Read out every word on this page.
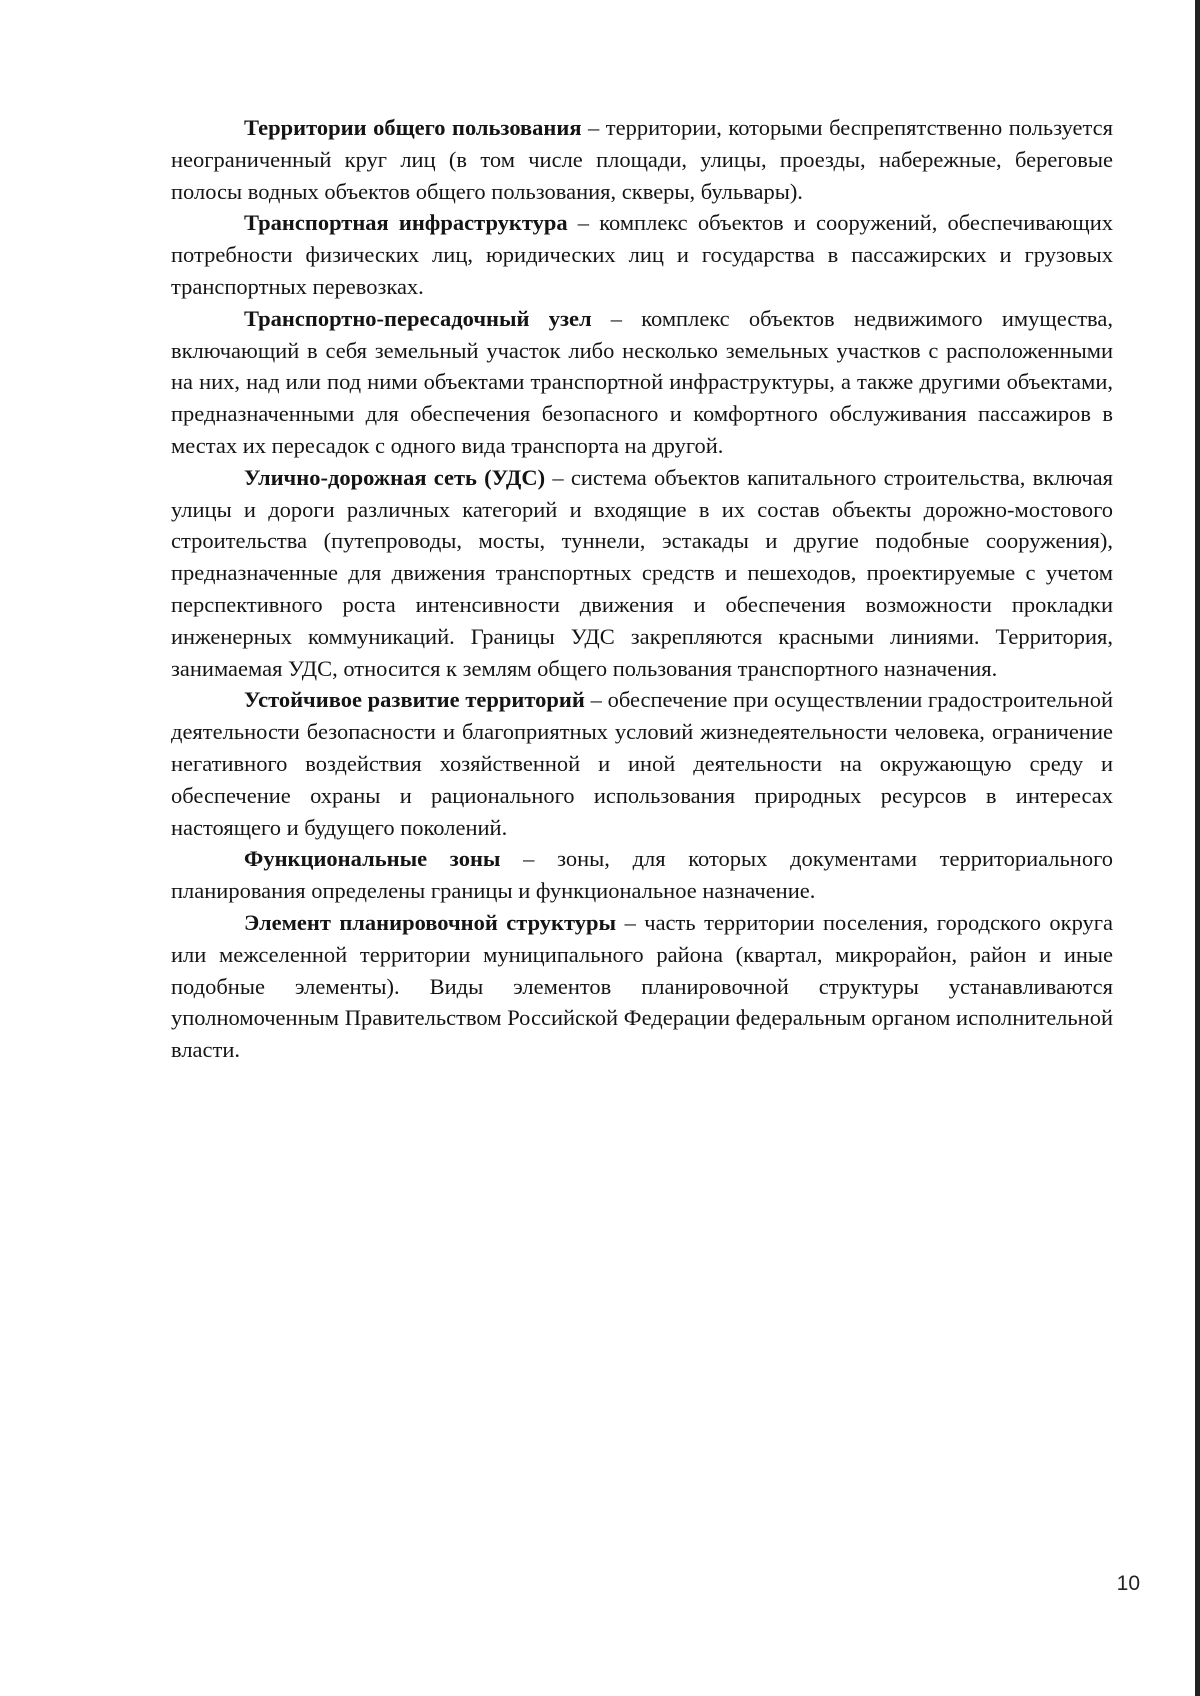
Территории общего пользования – территории, которыми беспрепятственно пользуется неограниченный круг лиц (в том числе площади, улицы, проезды, набережные, береговые полосы водных объектов общего пользования, скверы, бульвары).

Транспортная инфраструктура – комплекс объектов и сооружений, обеспечивающих потребности физических лиц, юридических лиц и государства в пассажирских и грузовых транспортных перевозках.

Транспортно-пересадочный узел – комплекс объектов недвижимого имущества, включающий в себя земельный участок либо несколько земельных участков с расположенными на них, над или под ними объектами транспортной инфраструктуры, а также другими объектами, предназначенными для обеспечения безопасного и комфортного обслуживания пассажиров в местах их пересадок с одного вида транспорта на другой.

Улично-дорожная сеть (УДС) – система объектов капитального строительства, включая улицы и дороги различных категорий и входящие в их состав объекты дорожно-мостового строительства (путепроводы, мосты, туннели, эстакады и другие подобные сооружения), предназначенные для движения транспортных средств и пешеходов, проектируемые с учетом перспективного роста интенсивности движения и обеспечения возможности прокладки инженерных коммуникаций. Границы УДС закрепляются красными линиями. Территория, занимаемая УДС, относится к землям общего пользования транспортного назначения.

Устойчивое развитие территорий – обеспечение при осуществлении градостроительной деятельности безопасности и благоприятных условий жизнедеятельности человека, ограничение негативного воздействия хозяйственной и иной деятельности на окружающую среду и обеспечение охраны и рационального использования природных ресурсов в интересах настоящего и будущего поколений.

Функциональные зоны – зоны, для которых документами территориального планирования определены границы и функциональное назначение.

Элемент планировочной структуры – часть территории поселения, городского округа или межселенной территории муниципального района (квартал, микрорайон, район и иные подобные элементы). Виды элементов планировочной структуры устанавливаются уполномоченным Правительством Российской Федерации федеральным органом исполнительной власти.

10
